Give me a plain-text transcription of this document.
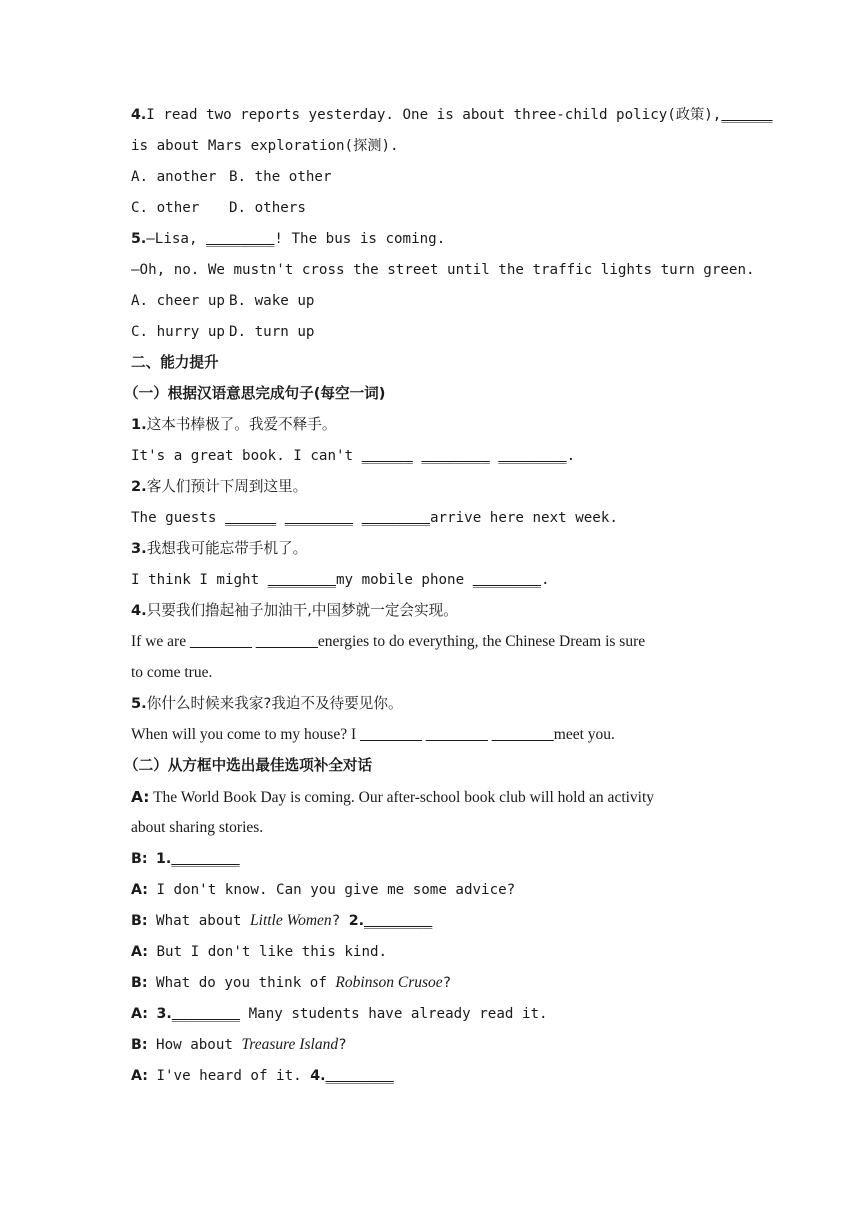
4.I read two reports yesterday. One is about three-child policy(政策),______
is about Mars exploration(探测).
A. another B. the other
C. other D. others
5.—Lisa, ________! The bus is coming.
—Oh, no. We mustn't cross the street until the traffic lights turn green.
A. cheer up B. wake up
C. hurry up D. turn up
二、能力提升
（一）根据汉语意思完成句子(每空一词)
1.这本书棒极了。我爱不释手。
It's a great book. I can't ______ ________ ________.
2.客人们预计下周到这里。
The guests ______ ________ ________arrive here next week.
3.我想我可能忘带手机了。
I think I might ________my mobile phone ________.
4.只要我们撸起袖子加油干,中国梦就一定会实现。
If we are ________ ________energies to do everything, the Chinese Dream is sure
to come true.
5.你什么时候来我家?我迫不及待要见你。
When will you come to my house? I ________ ________ ________meet you.
（二）从方框中选出最佳选项补全对话
A: The World Book Day is coming. Our after-school book club will hold an activity
about sharing stories.
B: 1.________
A: I don't know. Can you give me some advice?
B: What about Little Women? 2.________
A: But I don't like this kind.
B: What do you think of Robinson Crusoe?
A: 3.________ Many students have already read it.
B: How about Treasure Island?
A: I've heard of it. 4.________
